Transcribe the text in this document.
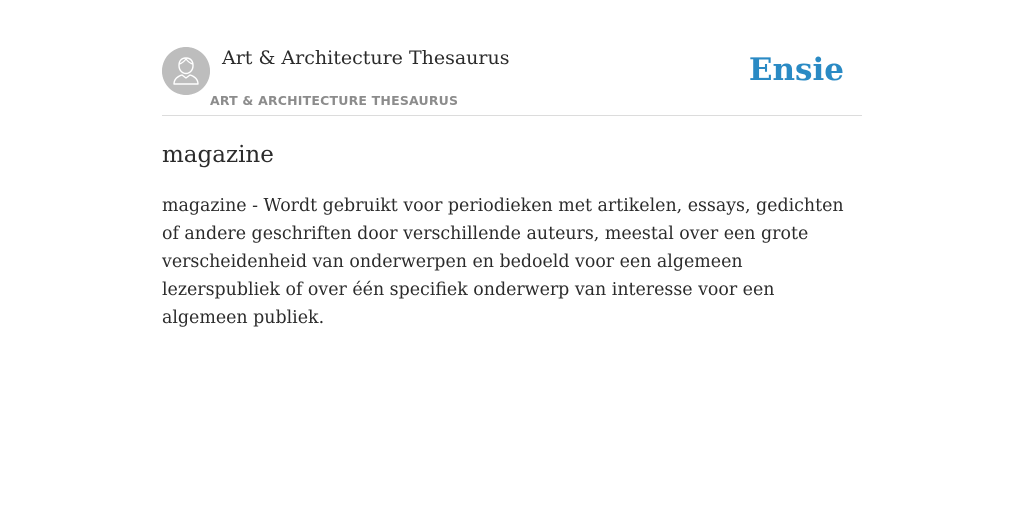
Art & Architecture Thesaurus
ART & ARCHITECTURE THESAURUS
Ensie
magazine

magazine - Wordt gebruikt voor periodieken met artikelen, essays, gedichten of andere geschriften door verschillende auteurs, meestal over een grote verscheidenheid van onderwerpen en bedoeld voor een algemeen lezerspubliek of over één specifiek onderwerp van interesse voor een algemeen publiek.
